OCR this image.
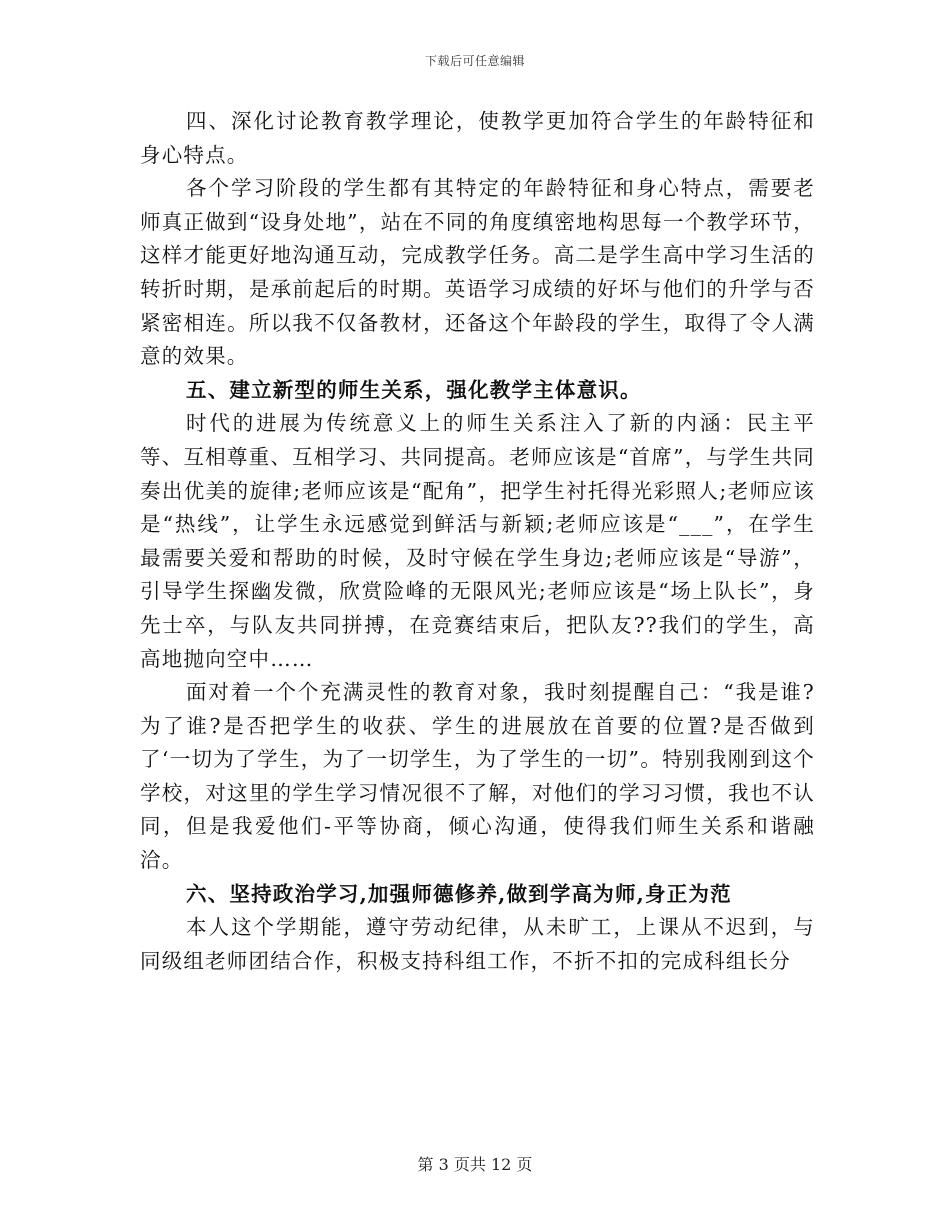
下载后可任意编辑

四、深化讨论教育教学理论，使教学更加符合学生的年龄特征和身心特点。

各个学习阶段的学生都有其特定的年龄特征和身心特点，需要老师真正做到“设身处地”，站在不同的角度缜密地构思每一个教学环节，这样才能更好地沟通互动，完成教学任务。高二是学生高中学习生活的转折时期，是承前起后的时期。英语学习成绩的好坏与他们的升学与否紧密相连。所以我不仅备教材，还备这个年龄段的学生，取得了令人满意的效果。

五、建立新型的师生关系，强化教学主体意识。

时代的进展为传统意义上的师生关系注入了新的内涵：民主平等、互相尊重、互相学习、共同提高。老师应该是“首席”，与学生共同奏出优美的旋律;老师应该是“配角”，把学生衬托得光彩照人;老师应该是“热线”，让学生永远感觉到鲜活与新颖;老师应该是“___”，在学生最需要关爱和帮助的时候，及时守候在学生身边;老师应该是“导游”，引导学生探幽发微，欣赏险峰的无限风光;老师应该是“场上队长”，身先士卒，与队友共同拼搏，在竞赛结束后，把队友??我们的学生，高高地抛向空中……

面对着一个个充满灵性的教育对象，我时刻提醒自己：“我是谁?为了谁?是否把学生的收获、学生的进展放在首要的位置?是否做到了‘一切为了学生，为了一切学生，为了学生的一切”。特别我刚到这个学校，对这里的学生学习情况很不了解，对他们的学习习惯，我也不认同，但是我爱他们-平等协商，倾心沟通，使得我们师生关系和谐融洽。

六、坚持政治学习,加强师德修养,做到学高为师,身正为范

本人这个学期能，遵守劳动纪律，从未旷工，上课从不迟到，与同级组老师团结合作，积极支持科组工作，不折不扣的完成科组长分

第 3 页共 12 页
